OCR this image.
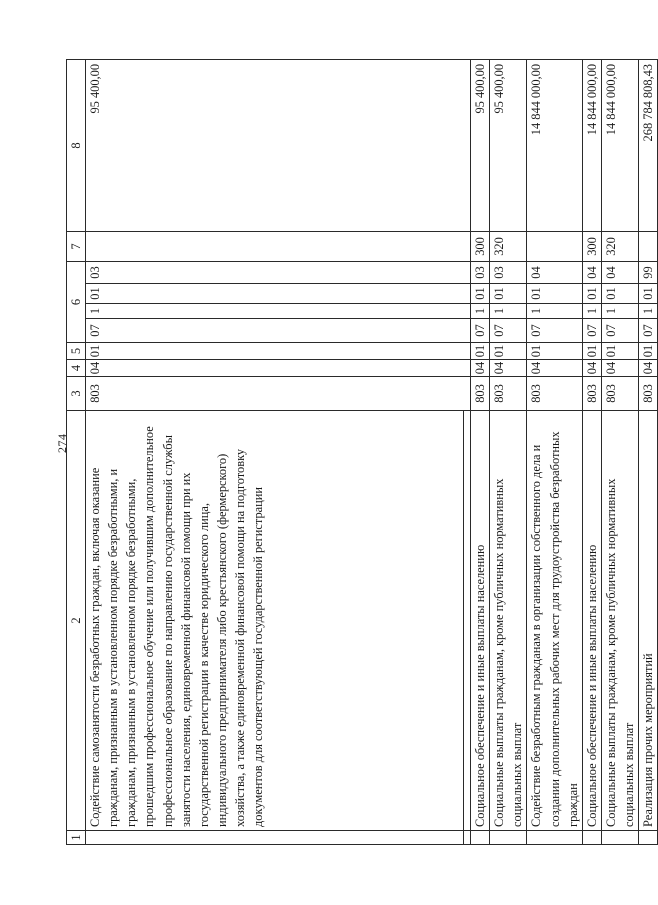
274
1	2	3	4	5	6				7	8
	Содействие самозанятости безработных граждан, включая оказание гражданам, признанным в установленном порядке безработными, и гражданам, признанным в установленном порядке безработными, прошедшим профессиональное обучение или получившим дополнительное профессиональное образование по направлению государственной службы занятости населения, единовременной финансовой помощи при их государственной регистрации в качестве юридического лица, индивидуального предпринимателя либо крестьянского (фермерского) хозяйства, а также единовременной финансовой помощи на подготовку документов для соответствующей государственной регистрации	803	04	01	07	1	01	03		95 400,00

	Социальное обеспечение и иные выплаты населению	803	04	01	07	1	01	03	300	95 400,00
	Социальные выплаты гражданам, кроме публичных нормативных социальных выплат	803	04	01	07	1	01	03	320	95 400,00
	Содействие безработным гражданам в организации собственного дела и создании дополнительных рабочих мест для трудоустройства безработных граждан	803	04	01	07	1	01	04		14 844 000,00
	Социальное обеспечение и иные выплаты населению	803	04	01	07	1	01	04	300	14 844 000,00
	Социальные выплаты гражданам, кроме публичных нормативных социальных выплат	803	04	01	07	1	01	04	320	14 844 000,00
	Реализация прочих мероприятий	803	04	01	07	1	01	99		268 784 808,43
